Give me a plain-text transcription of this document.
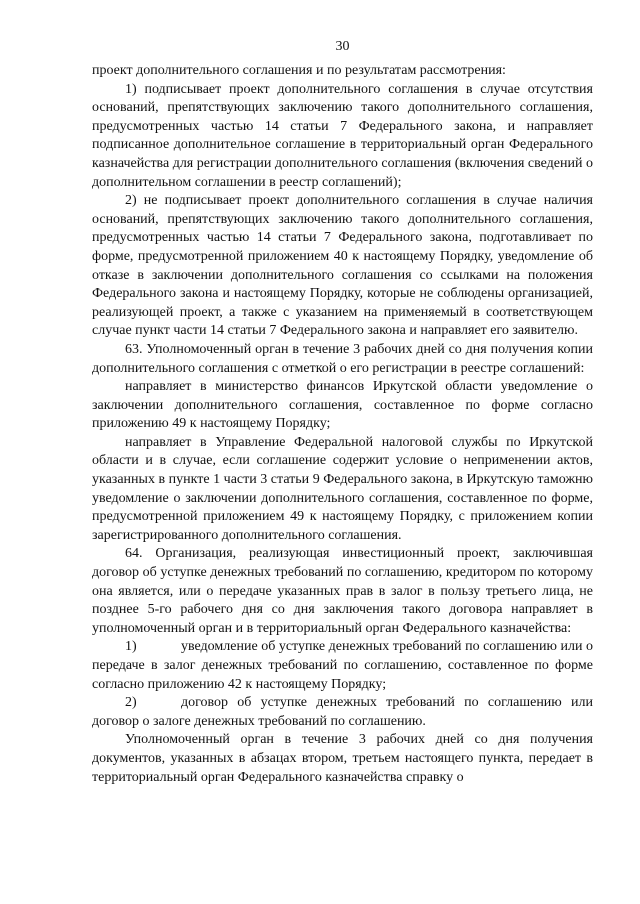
30

проект дополнительного соглашения и по результатам рассмотрения:

1) подписывает проект дополнительного соглашения в случае отсутствия оснований, препятствующих заключению такого дополнительного соглашения, предусмотренных частью 14 статьи 7 Федерального закона, и направляет подписанное дополнительное соглашение в территориальный орган Федерального казначейства для регистрации дополнительного соглашения (включения сведений о дополнительном соглашении в реестр соглашений);

2) не подписывает проект дополнительного соглашения в случае наличия оснований, препятствующих заключению такого дополнительного соглашения, предусмотренных частью 14 статьи 7 Федерального закона, подготавливает по форме, предусмотренной приложением 40 к настоящему Порядку, уведомление об отказе в заключении дополнительного соглашения со ссылками на положения Федерального закона и настоящему Порядку, которые не соблюдены организацией, реализующей проект, а также с указанием на применяемый в соответствующем случае пункт части 14 статьи 7 Федерального закона и направляет его заявителю.

63. Уполномоченный орган в течение 3 рабочих дней со дня получения копии дополнительного соглашения с отметкой о его регистрации в реестре соглашений:

направляет в министерство финансов Иркутской области уведомление о заключении дополнительного соглашения, составленное по форме согласно приложению 49 к настоящему Порядку;

направляет в Управление Федеральной налоговой службы по Иркутской области и в случае, если соглашение содержит условие о неприменении актов, указанных в пункте 1 части 3 статьи 9 Федерального закона, в Иркутскую таможню уведомление о заключении дополнительного соглашения, составленное по форме, предусмотренной приложением 49 к настоящему Порядку, с приложением копии зарегистрированного дополнительного соглашения.

64. Организация, реализующая инвестиционный проект, заключившая договор об уступке денежных требований по соглашению, кредитором по которому она является, или о передаче указанных прав в залог в пользу третьего лица, не позднее 5-го рабочего дня со дня заключения такого договора направляет в уполномоченный орган и в территориальный орган Федерального казначейства:

1)	уведомление об уступке денежных требований по соглашению или о передаче в залог денежных требований по соглашению, составленное по форме согласно приложению 42 к настоящему Порядку;

2)	договор об уступке денежных требований по соглашению или договор о залоге денежных требований по соглашению.

Уполномоченный орган в течение 3 рабочих дней со дня получения документов, указанных в абзацах втором, третьем настоящего пункта, передает в территориальный орган Федерального казначейства справку о
